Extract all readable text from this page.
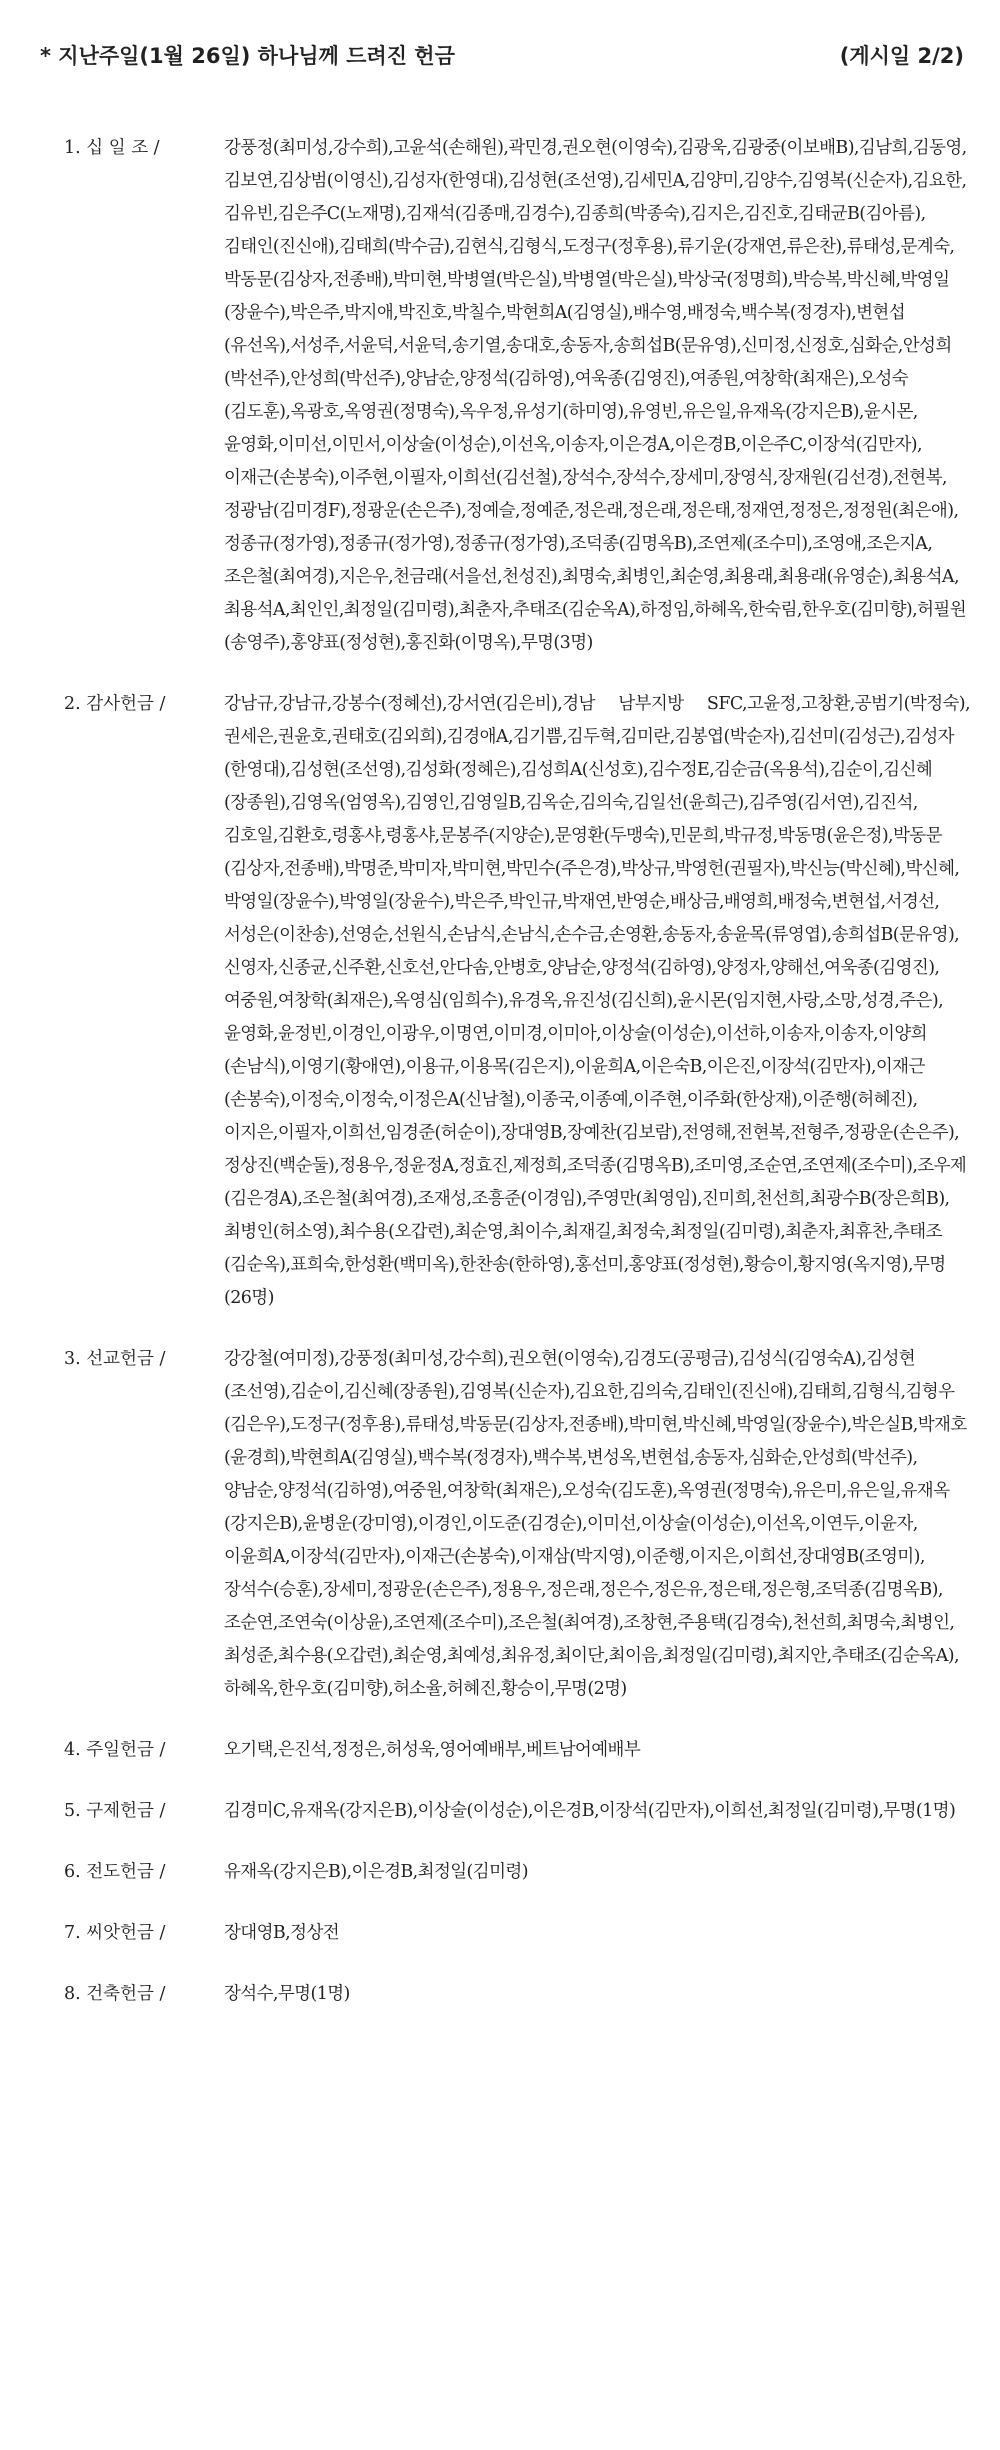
* 지난주일(1월 26일) 하나님께 드려진 헌금	(게시일 2/2)
1. 십 일 조 /	강풍정(최미성,강수희),고윤석(손해원),곽민경,권오현(이영숙),김광욱,김광중(이보배B),김남희,김동영,김보연,김상범(이영신),김성자(한영대),김성현(조선영),김세민A,김양미,김양수,김영복(신순자),김요한,김유빈,김은주C(노재명),김재석(김종매,김경수),김종희(박종숙),김지은,김진호,김태균B(김아름),김태인(진신애),김태희(박수금),김현식,김형식,도정구(정후용),류기운(강재연,류은찬),류태성,문계숙,박동문(김상자,전종배),박미현,박병열(박은실),박병열(박은실),박상국(정명희),박승복,박신혜,박영일(장윤수),박은주,박지애,박진호,박칠수,박현희A(김영실),배수영,배정숙,백수복(정경자),변현섭(유선옥),서성주,서윤덕,서윤덕,송기열,송대호,송동자,송희섭B(문유영),신미정,신정호,심화순,안성희(박선주),안성희(박선주),양남순,양정석(김하영),여욱종(김영진),여종원,여창학(최재은),오성숙(김도훈),옥광호,옥영권(정명숙),옥우정,유성기(하미영),유영빈,유은일,유재옥(강지은B),윤시몬,윤영화,이미선,이민서,이상술(이성순),이선옥,이송자,이은경A,이은경B,이은주C,이장석(김만자),이재근(손봉숙),이주현,이필자,이희선(김선철),장석수,장석수,장세미,장영식,장재원(김선경),전현복,정광남(김미경F),정광운(손은주),정예슬,정예준,정은래,정은래,정은태,정재연,정정은,정정원(최은애),정종규(정가영),정종규(정가영),정종규(정가영),조덕종(김명옥B),조연제(조수미),조영애,조은지A,조은철(최여경),지은우,천금래(서을선,천성진),최명숙,최병인,최순영,최용래,최용래(유영순),최용석A,최용석A,최인인,최정일(김미령),최춘자,추태조(김순옥A),하정임,하혜옥,한숙림,한우호(김미향),허필원(송영주),홍양표(정성현),홍진화(이명옥),무명(3명)
2. 감사헌금 /	강남규,강남규,강봉수(정혜선),강서연(김은비),경남 남부지방 SFC,고윤정,고창환,공범기(박정숙),권세은,권윤호,권태호(김외희),김경애A,김기쁨,김두혁,김미란,김봉엽(박순자),김선미(김성근),김성자(한영대),김성현(조선영),김성화(정혜은),김성희A(신성호),김수정E,김순금(옥용석),김순이,김신혜(장종원),김영옥(엄영옥),김영인,김영일B,김옥순,김의숙,김일선(윤희근),김주영(김서연),김진석,김호일,김환호,령홍샤,령홍샤,문봉주(지양순),문영환(두맹숙),민문희,박규정,박동명(윤은정),박동문(김상자,전종배),박명준,박미자,박미현,박민수(주은경),박상규,박영헌(권필자),박신능(박신혜),박신혜,박영일(장윤수),박영일(장윤수),박은주,박인규,박재연,반영순,배상금,배영희,배정숙,변현섭,서경선,서성은(이찬송),선영순,선원식,손남식,손남식,손수금,손영환,송동자,송윤목(류영엽),송희섭B(문유영),신영자,신종균,신주환,신호선,안다솜,안병호,양남순,양정석(김하영),양정자,양해선,여욱종(김영진),여중원,여창학(최재은),옥영심(임희수),유경옥,유진성(김신희),윤시몬(임지현,사랑,소망,성경,주은),윤영화,윤정빈,이경인,이광우,이명연,이미경,이미아,이상술(이성순),이선하,이송자,이송자,이양희(손남식),이영기(황애연),이용규,이용목(김은지),이윤희A,이은숙B,이은진,이장석(김만자),이재근(손봉숙),이정숙,이정숙,이정은A(신남철),이종국,이종예,이주현,이주화(한상재),이준행(허혜진),이지은,이필자,이희선,임경준(허순이),장대영B,장예찬(김보람),전영해,전현복,전형주,정광운(손은주),정상진(백순둘),정용우,정윤정A,정효진,제정희,조덕종(김명옥B),조미영,조순연,조연제(조수미),조우제(김은경A),조은철(최여경),조재성,조흥준(이경임),주영만(최영임),진미희,천선희,최광수B(장은희B),최병인(허소영),최수용(오갑련),최순영,최이수,최재길,최정숙,최정일(김미령),최춘자,최휴찬,추태조(김순옥),표희숙,한성환(백미옥),한찬송(한하영),홍선미,홍양표(정성현),황승이,황지영(옥지영),무명(26명)
3. 선교헌금 /	강강철(여미정),강풍정(최미성,강수희),권오현(이영숙),김경도(공평금),김성식(김영숙A),김성현(조선영),김순이,김신혜(장종원),김영복(신순자),김요한,김의숙,김태인(진신애),김태희,김형식,김형우(김은우),도정구(정후용),류태성,박동문(김상자,전종배),박미현,박신혜,박영일(장윤수),박은실B,박재호(윤경희),박현희A(김영실),백수복(정경자),백수복,변성옥,변현섭,송동자,심화순,안성희(박선주),양남순,양정석(김하영),여중원,여창학(최재은),오성숙(김도훈),옥영권(정명숙),유은미,유은일,유재옥(강지은B),윤병운(강미영),이경인,이도준(김경순),이미선,이상술(이성순),이선옥,이연두,이윤자,이윤희A,이장석(김만자),이재근(손봉숙),이재삼(박지영),이준행,이지은,이희선,장대영B(조영미),장석수(승훈),장세미,정광운(손은주),정용우,정은래,정은수,정은유,정은태,정은형,조덕종(김명옥B),조순연,조연숙(이상윤),조연제(조수미),조은철(최여경),조창현,주용택(김경숙),천선희,최명숙,최병인,최성준,최수용(오갑련),최순영,최예성,최유정,최이단,최이음,최정일(김미령),최지안,추태조(김순옥A),하혜옥,한우호(김미향),허소율,허혜진,황승이,무명(2명)
4. 주일헌금 /	오기택,은진석,정정은,허성욱,영어예배부,베트남어예배부
5. 구제헌금 /	김경미C,유재옥(강지은B),이상술(이성순),이은경B,이장석(김만자),이희선,최정일(김미령),무명(1명)
6. 전도헌금 /	유재옥(강지은B),이은경B,최정일(김미령)
7. 씨앗헌금 /	장대영B,정상전
8. 건축헌금 /	장석수,무명(1명)
